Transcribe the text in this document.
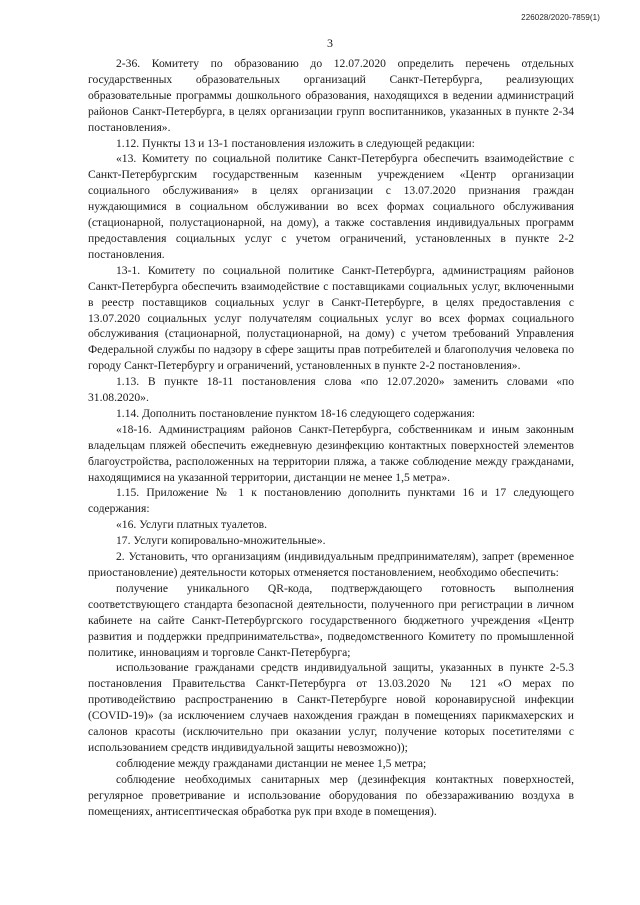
226028/2020-7859(1)
3

2-36. Комитету по образованию до 12.07.2020 определить перечень отдельных государственных образовательных организаций Санкт-Петербурга, реализующих образовательные программы дошкольного образования, находящихся в ведении администраций районов Санкт-Петербурга, в целях организации групп воспитанников, указанных в пункте 2-34 постановления».

1.12. Пункты 13 и 13-1 постановления изложить в следующей редакции:

«13. Комитету по социальной политике Санкт-Петербурга обеспечить взаимодействие с Санкт-Петербургским государственным казенным учреждением «Центр организации социального обслуживания» в целях организации с 13.07.2020 признания граждан нуждающимися в социальном обслуживании во всех формах социального обслуживания (стационарной, полустационарной, на дому), а также составления индивидуальных программ предоставления социальных услуг с учетом ограничений, установленных в пункте 2-2 постановления.

13-1. Комитету по социальной политике Санкт-Петербурга, администрациям районов Санкт-Петербурга обеспечить взаимодействие с поставщиками социальных услуг, включенными в реестр поставщиков социальных услуг в Санкт-Петербурге, в целях предоставления с 13.07.2020 социальных услуг получателям социальных услуг во всех формах социального обслуживания (стационарной, полустационарной, на дому) с учетом требований Управления Федеральной службы по надзору в сфере защиты прав потребителей и благополучия человека по городу Санкт-Петербургу и ограничений, установленных в пункте 2-2 постановления».

1.13. В пункте 18-11 постановления слова «по 12.07.2020» заменить словами «по 31.08.2020».

1.14. Дополнить постановление пунктом 18-16 следующего содержания:

«18-16. Администрациям районов Санкт-Петербурга, собственникам и иным законным владельцам пляжей обеспечить ежедневную дезинфекцию контактных поверхностей элементов благоустройства, расположенных на территории пляжа, а также соблюдение между гражданами, находящимися на указанной территории, дистанции не менее 1,5 метра».

1.15. Приложение № 1 к постановлению дополнить пунктами 16 и 17 следующего содержания:

«16. Услуги платных туалетов.

17. Услуги копировально-множительные».

2. Установить, что организациям (индивидуальным предпринимателям), запрет (временное приостановление) деятельности которых отменяется постановлением, необходимо обеспечить:

получение уникального QR-кода, подтверждающего готовность выполнения соответствующего стандарта безопасной деятельности, полученного при регистрации в личном кабинете на сайте Санкт-Петербургского государственного бюджетного учреждения «Центр развития и поддержки предпринимательства», подведомственного Комитету по промышленной политике, инновациям и торговле Санкт-Петербурга;

использование гражданами средств индивидуальной защиты, указанных в пункте 2-5.3 постановления Правительства Санкт-Петербурга от 13.03.2020 № 121 «О мерах по противодействию распространению в Санкт-Петербурге новой коронавирусной инфекции (COVID-19)» (за исключением случаев нахождения граждан в помещениях парикмахерских и салонов красоты (исключительно при оказании услуг, получение которых посетителями с использованием средств индивидуальной защиты невозможно));

соблюдение между гражданами дистанции не менее 1,5 метра;

соблюдение необходимых санитарных мер (дезинфекция контактных поверхностей, регулярное проветривание и использование оборудования по обеззараживанию воздуха в помещениях, антисептическая обработка рук при входе в помещения).
